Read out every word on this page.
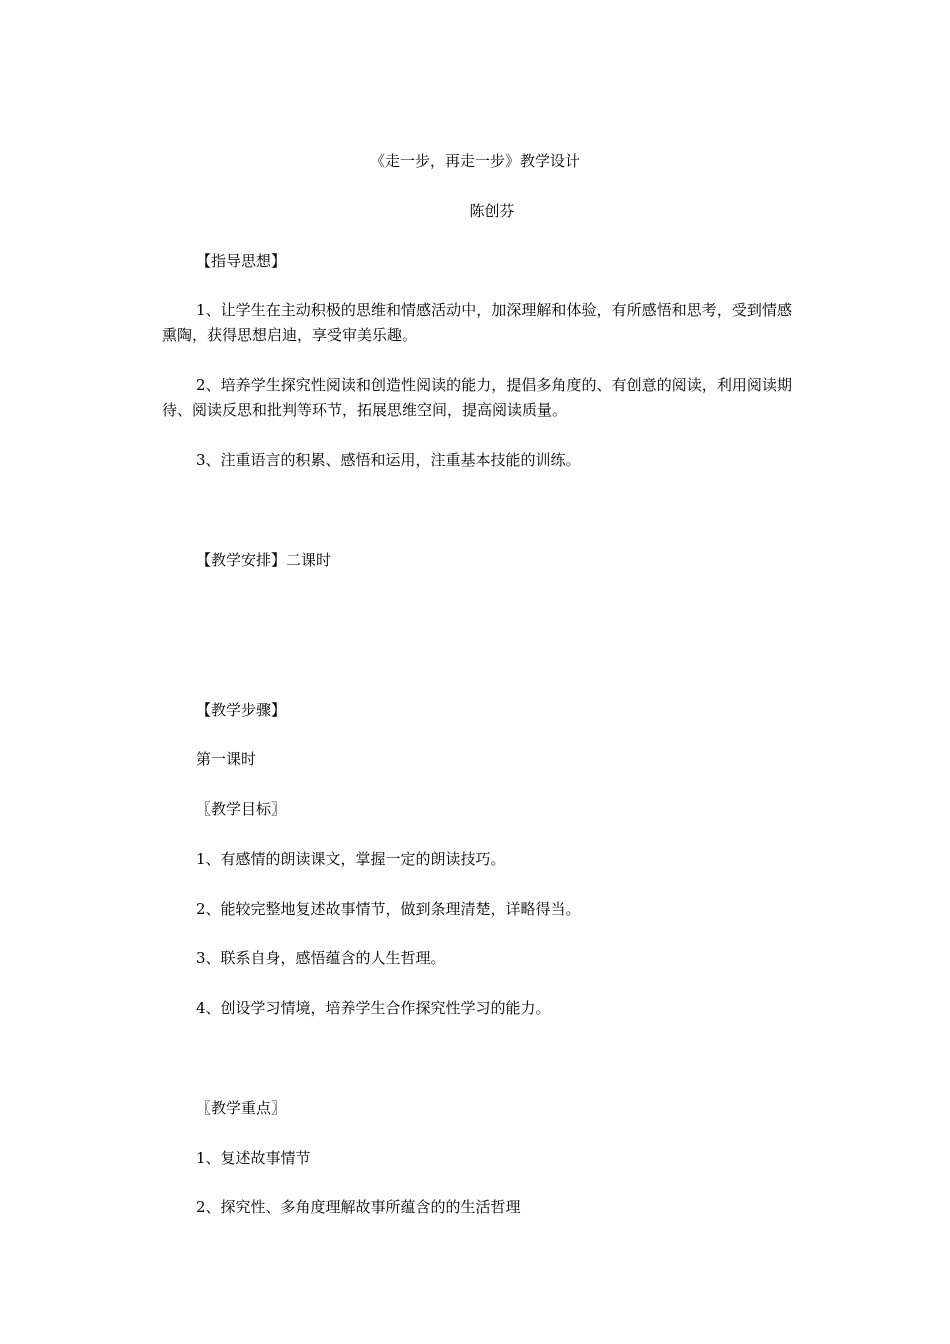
《走一步，再走一步》教学设计
陈创芬
【指导思想】
1、让学生在主动积极的思维和情感活动中，加深理解和体验，有所感悟和思考，受到情感熏陶，获得思想启迪，享受审美乐趣。
2、培养学生探究性阅读和创造性阅读的能力，提倡多角度的、有创意的阅读，利用阅读期待、阅读反思和批判等环节，拓展思维空间，提高阅读质量。
3、注重语言的积累、感悟和运用，注重基本技能的训练。
【教学安排】二课时
【教学步骤】
第一课时
〖教学目标〗
1、有感情的朗读课文，掌握一定的朗读技巧。
2、能较完整地复述故事情节，做到条理清楚，详略得当。
3、联系自身，感悟蕴含的人生哲理。
4、创设学习情境，培养学生合作探究性学习的能力。
〖教学重点〗
1、复述故事情节
2、探究性、多角度理解故事所蕴含的的生活哲理
